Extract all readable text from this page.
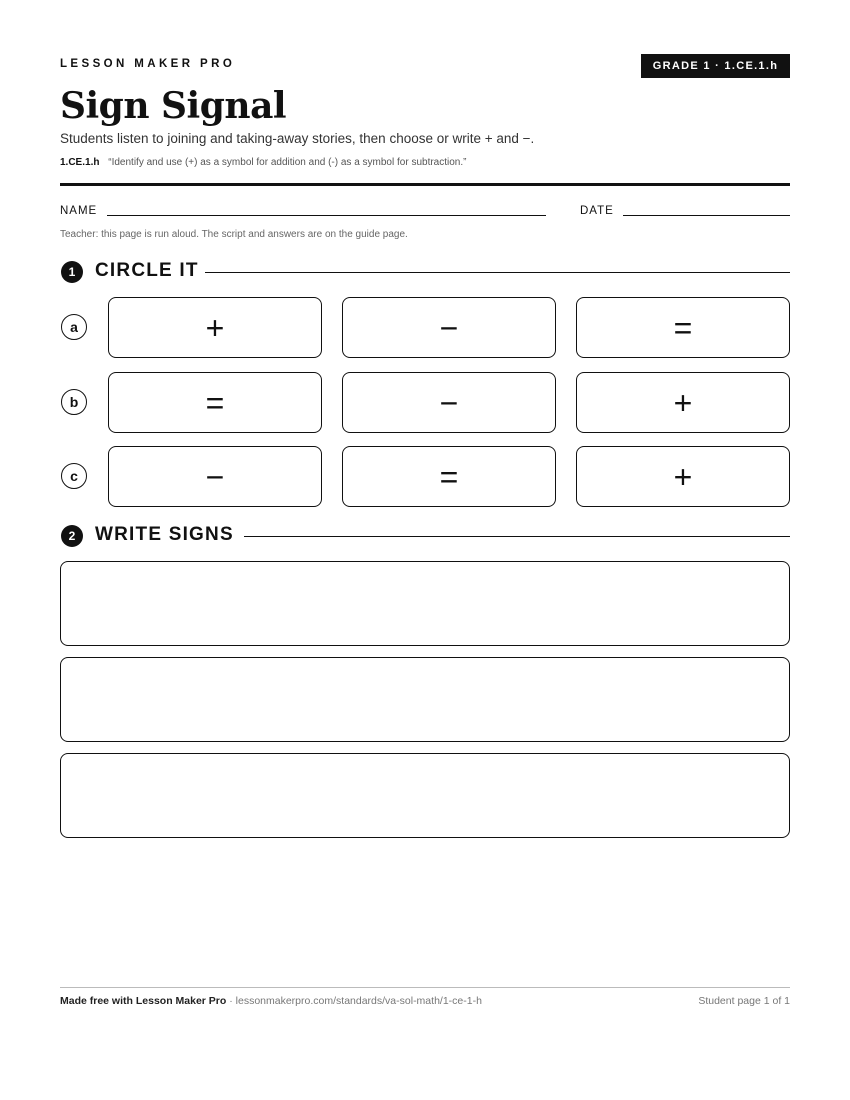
LESSON MAKER PRO	GRADE 1 · 1.CE.1.h
Sign Signal
Students listen to joining and taking-away stories, then choose or write + and −.
1.CE.1.h “Identify and use (+) as a symbol for addition and (-) as a symbol for subtraction.”
NAME	DATE
Teacher: this page is run aloud. The script and answers are on the guide page.
1	CIRCLE IT
a	+	−	=
b	=	−	+
c	−	=	+
2	WRITE SIGNS
Made free with Lesson Maker Pro · lessonmakerpro.com/standards/va-sol-math/1-ce-1-h	Student page 1 of 1
